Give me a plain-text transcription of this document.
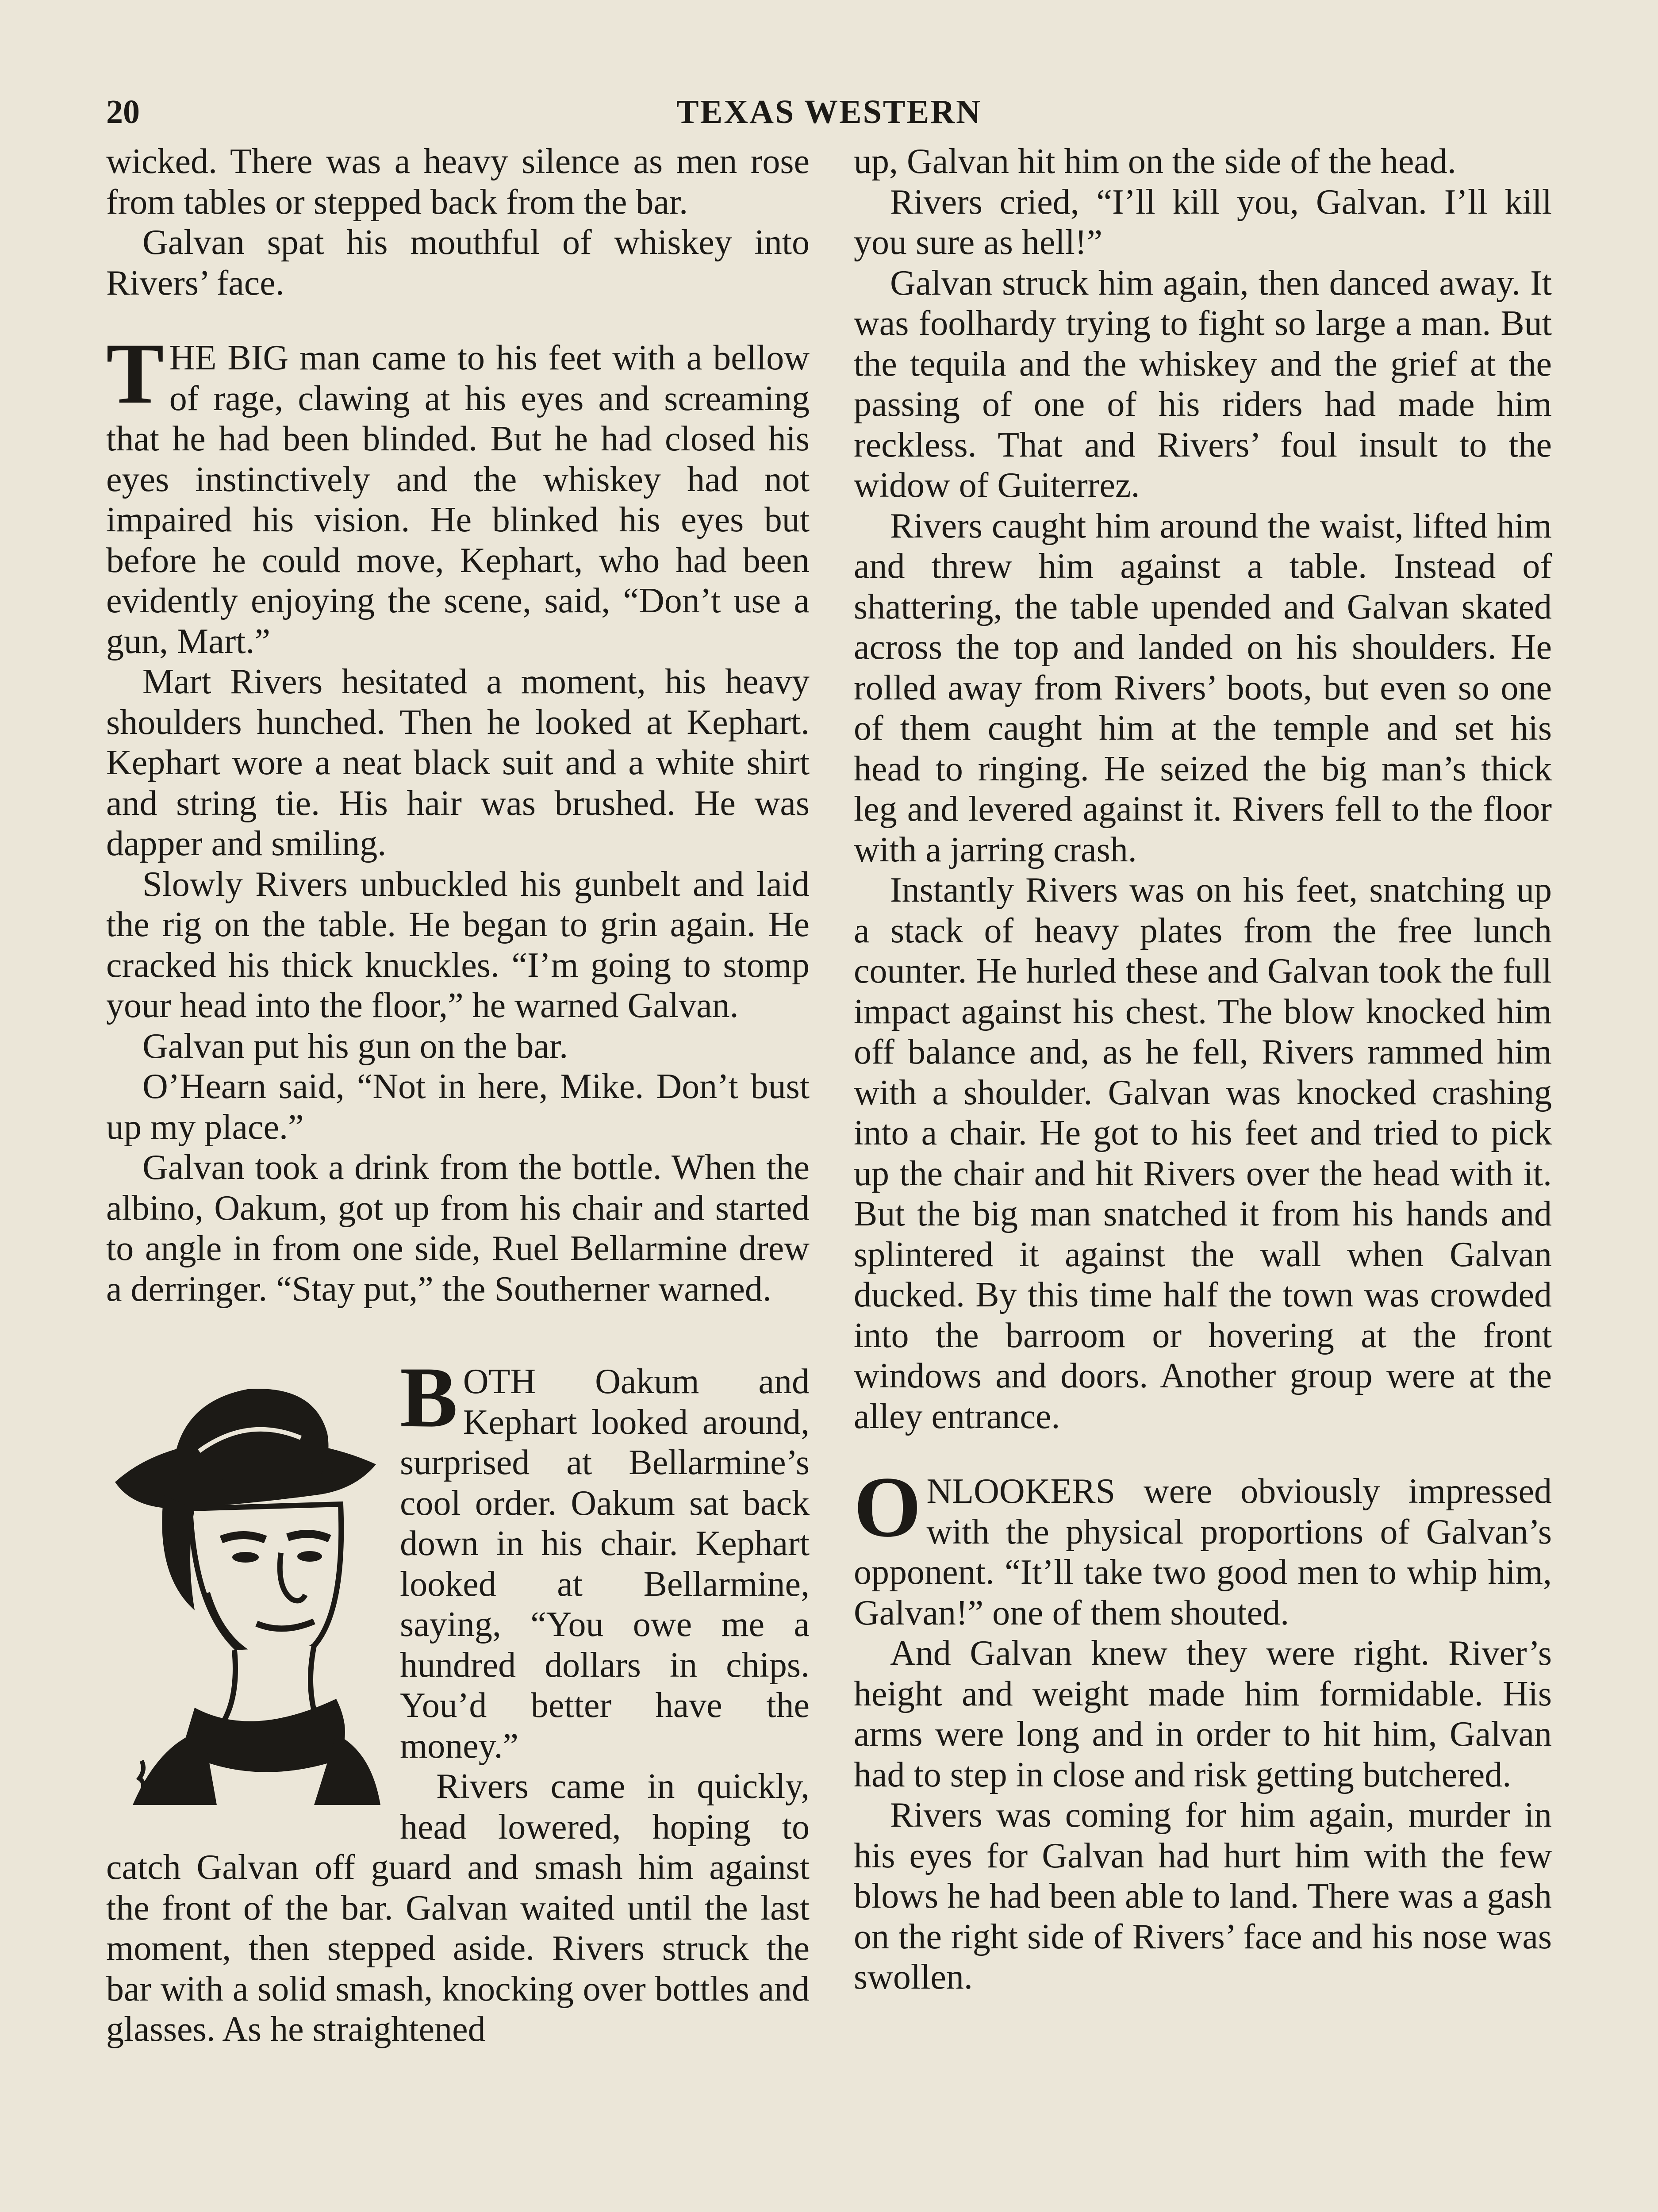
20	TEXAS WESTERN

wicked. There was a heavy silence as men rose from tables or stepped back from the bar.

Galvan spat his mouthful of whiskey into Rivers’ face.

THE BIG man came to his feet with a bellow of rage, clawing at his eyes and screaming that he had been blinded. But he had closed his eyes instinctively and the whiskey had not impaired his vision. He blinked his eyes but before he could move, Kephart, who had been evidently enjoying the scene, said, “Don’t use a gun, Mart.”

Mart Rivers hesitated a moment, his heavy shoulders hunched. Then he looked at Kephart. Kephart wore a neat black suit and a white shirt and string tie. His hair was brushed. He was dapper and smiling.

Slowly Rivers unbuckled his gunbelt and laid the rig on the table. He began to grin again. He cracked his thick knuckles. “I’m going to stomp your head into the floor,” he warned Galvan.

Galvan put his gun on the bar.

O’Hearn said, “Not in here, Mike. Don’t bust up my place.”

Galvan took a drink from the bottle. When the albino, Oakum, got up from his chair and started to angle in from one side, Ruel Bellarmine drew a derringer. “Stay put,” the Southerner warned.

BOTH Oakum and Kephart looked around, surprised at Bellarmine’s cool order. Oakum sat back down in his chair. Kephart looked at Bellarmine, saying, “You owe me a hundred dollars in chips. You’d better have the money.”

Rivers came in quickly, head lowered, hoping to catch Galvan off guard and smash him against the front of the bar. Galvan waited until the last moment, then stepped aside. Rivers struck the bar with a solid smash, knocking over bottles and glasses. As he straightened

up, Galvan hit him on the side of the head.

Rivers cried, “I’ll kill you, Galvan. I’ll kill you sure as hell!”

Galvan struck him again, then danced away. It was foolhardy trying to fight so large a man. But the tequila and the whiskey and the grief at the passing of one of his riders had made him reckless. That and Rivers’ foul insult to the widow of Guiterrez.

Rivers caught him around the waist, lifted him and threw him against a table. Instead of shattering, the table upended and Galvan skated across the top and landed on his shoulders. He rolled away from Rivers’ boots, but even so one of them caught him at the temple and set his head to ringing. He seized the big man’s thick leg and levered against it. Rivers fell to the floor with a jarring crash.

Instantly Rivers was on his feet, snatching up a stack of heavy plates from the free lunch counter. He hurled these and Galvan took the full impact against his chest. The blow knocked him off balance and, as he fell, Rivers rammed him with a shoulder. Galvan was knocked crashing into a chair. He got to his feet and tried to pick up the chair and hit Rivers over the head with it. But the big man snatched it from his hands and splintered it against the wall when Galvan ducked. By this time half the town was crowded into the barroom or hovering at the front windows and doors. Another group were at the alley entrance.

ONLOOKERS were obviously impressed with the physical proportions of Galvan’s opponent. “It’ll take two good men to whip him, Galvan!” one of them shouted.

And Galvan knew they were right. River’s height and weight made him formidable. His arms were long and in order to hit him, Galvan had to step in close and risk getting butchered.

Rivers was coming for him again, murder in his eyes for Galvan had hurt him with the few blows he had been able to land. There was a gash on the right side of Rivers’ face and his nose was swollen.
